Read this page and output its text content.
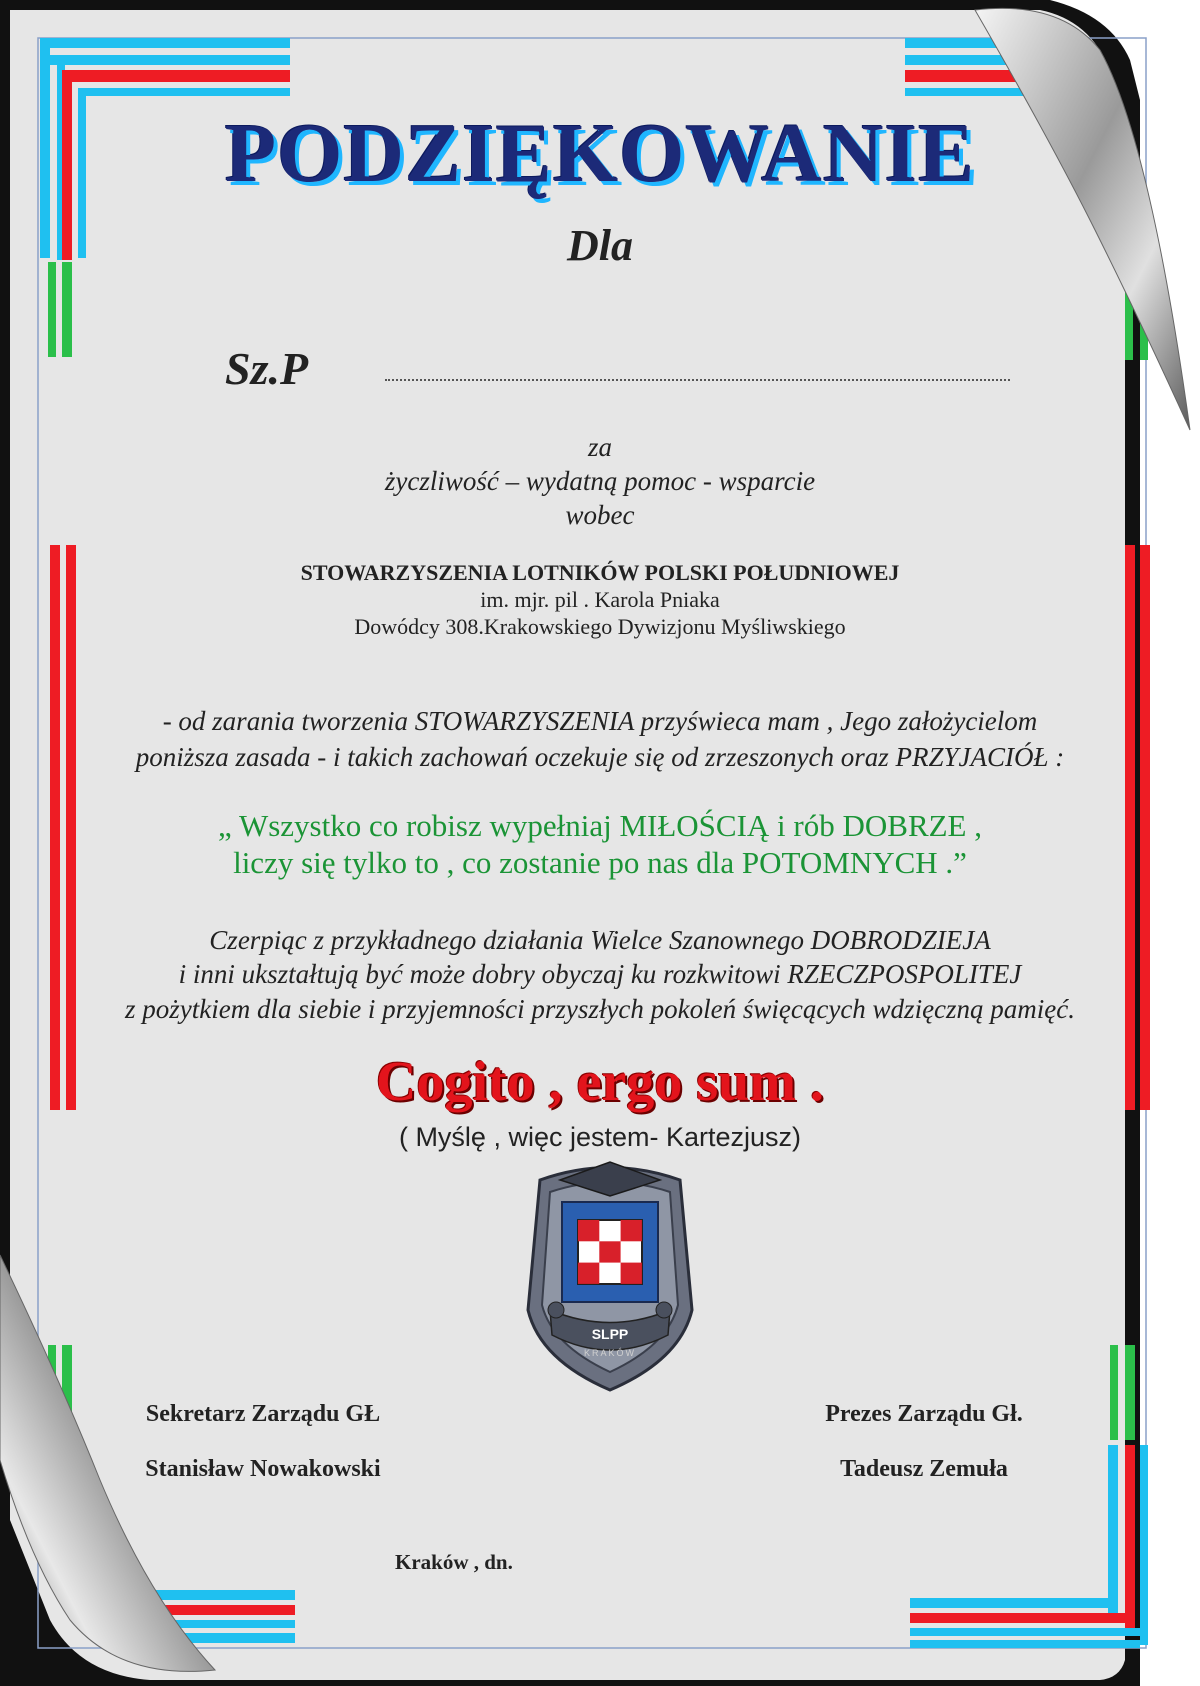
PODZIĘKOWANIE

Dla

Sz.P

za

życzliwość – wydatną pomoc - wsparcie

wobec

STOWARZYSZENIA LOTNIKÓW POLSKI POŁUDNIOWEJ

im. mjr. pil . Karola Pniaka

Dowódcy 308.Krakowskiego Dywizjonu Myśliwskiego

- od zarania tworzenia STOWARZYSZENIA przyświeca mam , Jego założycielom

poniższa zasada - i takich zachowań oczekuje się od zrzeszonych oraz PRZYJACIÓŁ :

„ Wszystko co robisz wypełniaj MIŁOŚCIĄ i rób DOBRZE ,

liczy się tylko to , co zostanie po nas dla POTOMNYCH .”

Czerpiąc z przykładnego działania Wielce Szanownego DOBRODZIEJA

i inni ukształtują być może dobry obyczaj ku rozkwitowi RZECZPOSPOLITEJ

z pożytkiem dla siebie i przyjemności przyszłych pokoleń święcących wdzięczną pamięć.

Cogito , ergo sum .

( Myślę , więc jestem- Kartezjusz)

SLPP
KRAKÓW

Sekretarz Zarządu GŁ

Stanisław Nowakowski

Prezes Zarządu Gł.

Tadeusz Zemuła

Kraków , dn.
